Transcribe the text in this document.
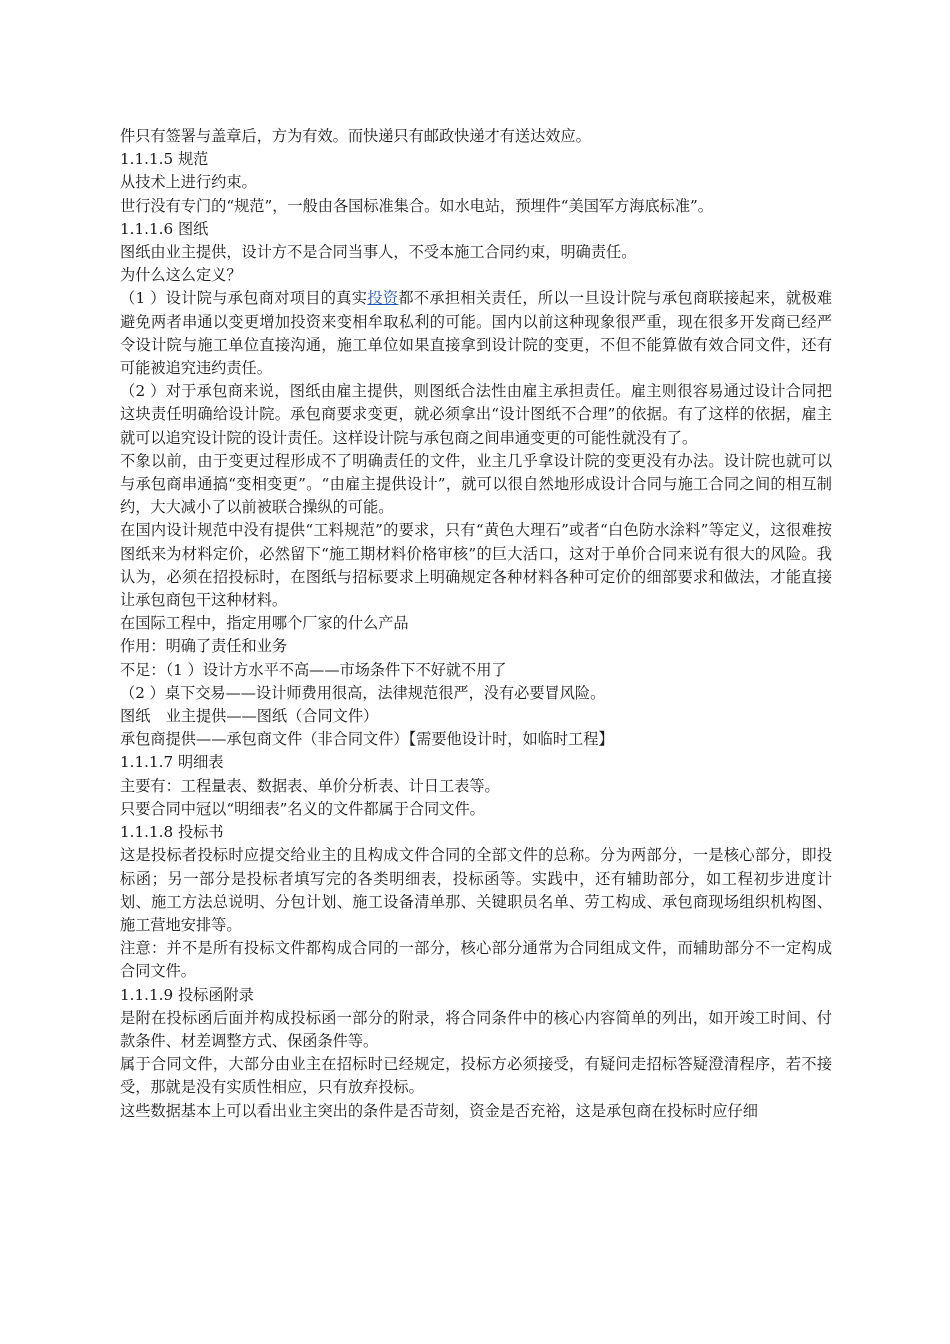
件只有签署与盖章后，方为有效。而快递只有邮政快递才有送达效应。

1.1.1.5 规范

从技术上进行约束。

世行没有专门的“规范”，一般由各国标准集合。如水电站，预埋件“美国军方海底标准”。

1.1.1.6 图纸

图纸由业主提供，设计方不是合同当事人，不受本施工合同约束，明确责任。

为什么这么定义？

（1 ）设计院与承包商对项目的真实投资都不承担相关责任，所以一旦设计院与承包商联接起来，就极难避免两者串通以变更增加投资来变相牟取私利的可能。国内以前这种现象很严重，现在很多开发商已经严令设计院与施工单位直接沟通，施工单位如果直接拿到设计院的变更，不但不能算做有效合同文件，还有可能被追究违约责任。

（2 ）对于承包商来说，图纸由雇主提供，则图纸合法性由雇主承担责任。雇主则很容易通过设计合同把这块责任明确给设计院。承包商要求变更，就必须拿出“设计图纸不合理”的依据。有了这样的依据，雇主就可以追究设计院的设计责任。这样设计院与承包商之间串通变更的可能性就没有了。

不象以前，由于变更过程形成不了明确责任的文件，业主几乎拿设计院的变更没有办法。设计院也就可以与承包商串通搞“变相变更”。“由雇主提供设计”，就可以很自然地形成设计合同与施工合同之间的相互制约，大大减小了以前被联合操纵的可能。

在国内设计规范中没有提供“工料规范”的要求，只有“黄色大理石”或者“白色防水涂料”等定义，这很难按图纸来为材料定价，必然留下“施工期材料价格审核”的巨大活口，这对于单价合同来说有很大的风险。我认为，必须在招投标时，在图纸与招标要求上明确规定各种材料各种可定价的细部要求和做法，才能直接让承包商包干这种材料。

在国际工程中，指定用哪个厂家的什么产品

作用：明确了责任和业务

不足：（1 ）设计方水平不高——市场条件下不好就不用了

（2 ）桌下交易——设计师费用很高，法律规范很严，没有必要冒风险。

图纸　业主提供——图纸（合同文件）

承包商提供——承包商文件（非合同文件）【需要他设计时，如临时工程】

1.1.1.7 明细表

主要有：工程量表、数据表、单价分析表、计日工表等。

只要合同中冠以“明细表”名义的文件都属于合同文件。

1.1.1.8 投标书

这是投标者投标时应提交给业主的且构成文件合同的全部文件的总称。分为两部分，一是核心部分，即投标函；另一部分是投标者填写完的各类明细表，投标函等。实践中，还有辅助部分，如工程初步进度计划、施工方法总说明、分包计划、施工设备清单那、关键职员名单、劳工构成、承包商现场组织机构图、施工营地安排等。

注意：并不是所有投标文件都构成合同的一部分，核心部分通常为合同组成文件，而辅助部分不一定构成合同文件。

1.1.1.9 投标函附录

是附在投标函后面并构成投标函一部分的附录，将合同条件中的核心内容简单的列出，如开竣工时间、付款条件、材差调整方式、保函条件等。

属于合同文件，大部分由业主在招标时已经规定，投标方必须接受，有疑问走招标答疑澄清程序，若不接受，那就是没有实质性相应，只有放弃投标。

这些数据基本上可以看出业主突出的条件是否苛刻，资金是否充裕，这是承包商在投标时应仔细
